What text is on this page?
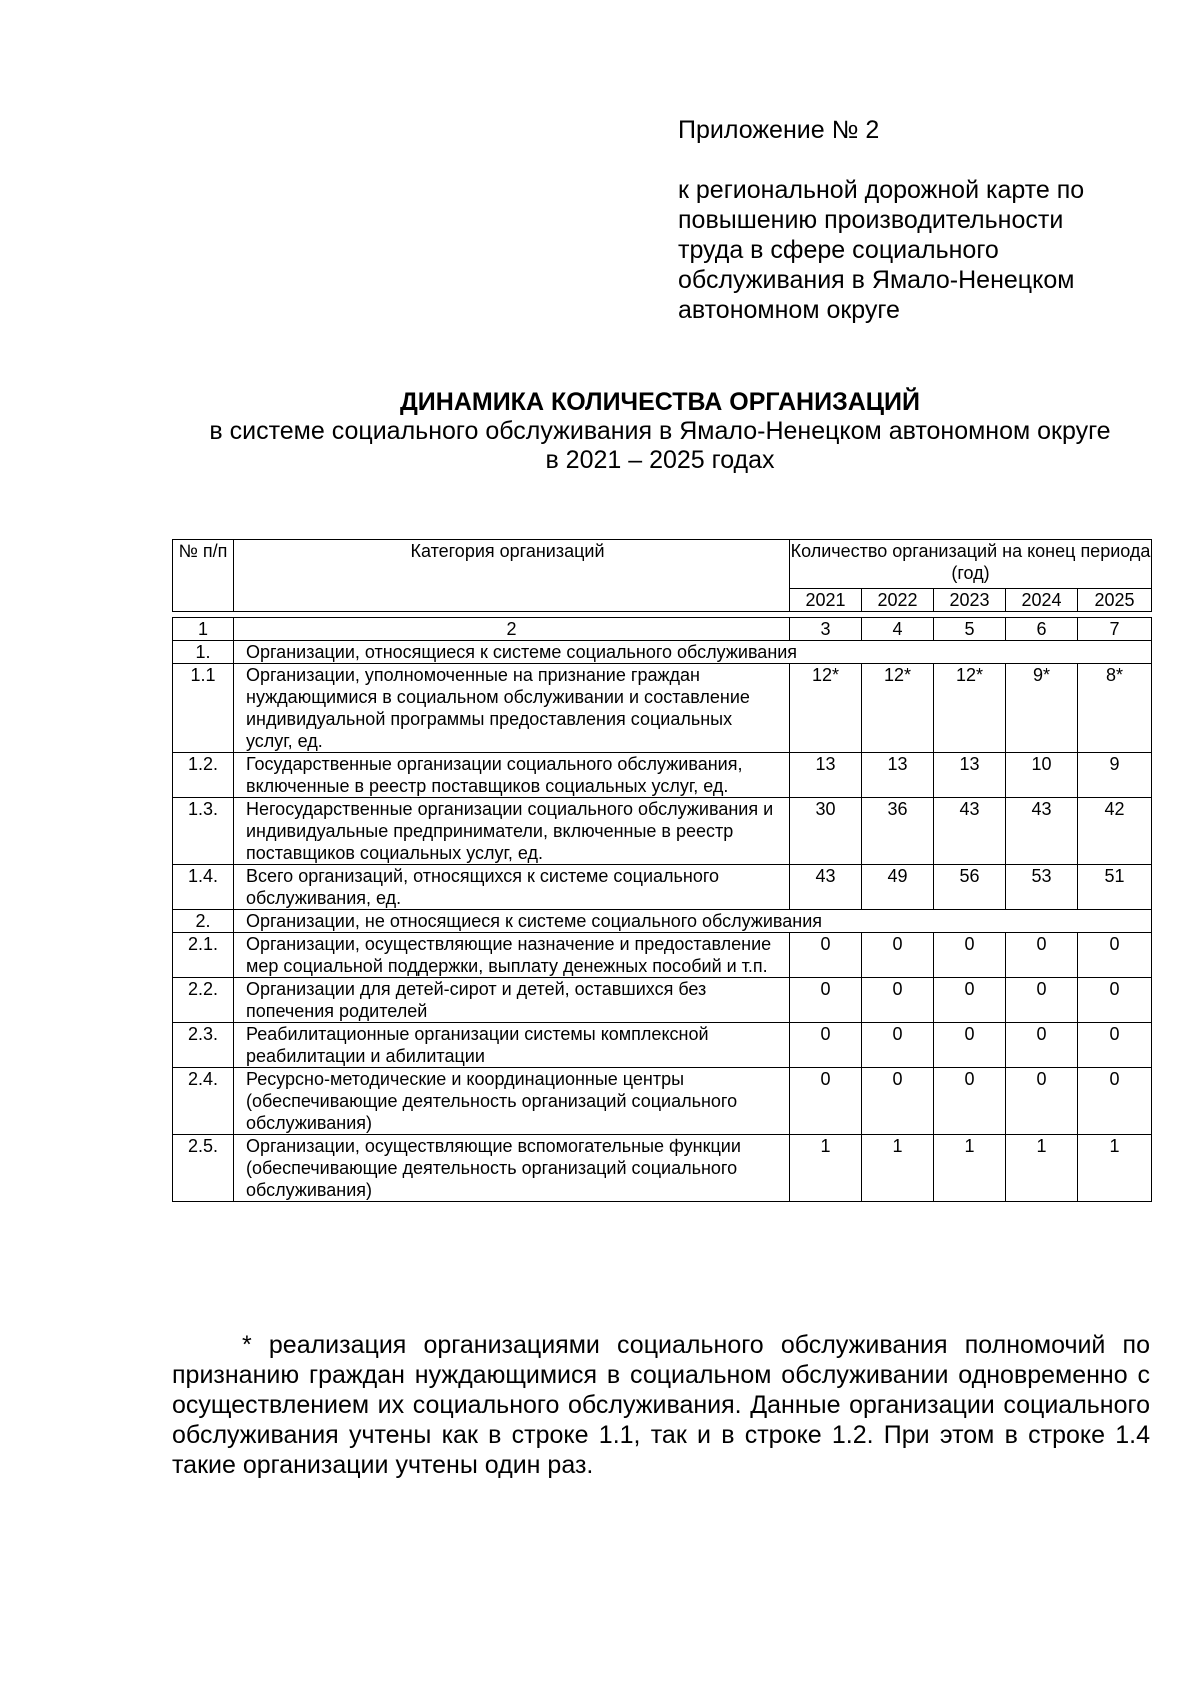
Приложение № 2
к региональной дорожной карте по
повышению производительности
труда в сфере социального
обслуживания в Ямало-Ненецком
автономном округе
ДИНАМИКА КОЛИЧЕСТВА ОРГАНИЗАЦИЙ
в системе социального обслуживания в Ямало-Ненецком автономном округе
в 2021 – 2025 годах
№ п/п	Категория организаций	Количество организаций на конец периода (год)				
		2021	2022	2023	2024	2025
1	2	3	4	5	6	7
1.	Организации, относящиеся к системе социального обслуживания					
1.1	Организации, уполномоченные на признание граждан нуждающимися в социальном обслуживании и составление индивидуальной программы предоставления социальных услуг, ед.	12*	12*	12*	9*	8*
1.2.	Государственные организации социального обслуживания, включенные в реестр поставщиков социальных услуг, ед.	13	13	13	10	9
1.3.	Негосударственные организации социального обслуживания и индивидуальные предприниматели, включенные в реестр поставщиков социальных услуг, ед.	30	36	43	43	42
1.4.	Всего организаций, относящихся к системе социального обслуживания, ед.	43	49	56	53	51
2.	Организации, не относящиеся к системе социального обслуживания					
2.1.	Организации, осуществляющие назначение и предоставление мер социальной поддержки, выплату денежных пособий и т.п.	0	0	0	0	0
2.2.	Организации для детей-сирот и детей, оставшихся без попечения родителей	0	0	0	0	0
2.3.	Реабилитационные организации системы комплексной реабилитации и абилитации	0	0	0	0	0
2.4.	Ресурсно-методические и координационные центры (обеспечивающие деятельность организаций социального обслуживания)	0	0	0	0	0
2.5.	Организации, осуществляющие вспомогательные функции (обеспечивающие деятельность организаций социального обслуживания)	1	1	1	1	1

* реализация организациями социального обслуживания полномочий по признанию граждан нуждающимися в социальном обслуживании одновременно с осуществлением их социального обслуживания. Данные организации социального обслуживания учтены как в строке 1.1, так и в строке 1.2. При этом в строке 1.4 такие организации учтены один раз.
